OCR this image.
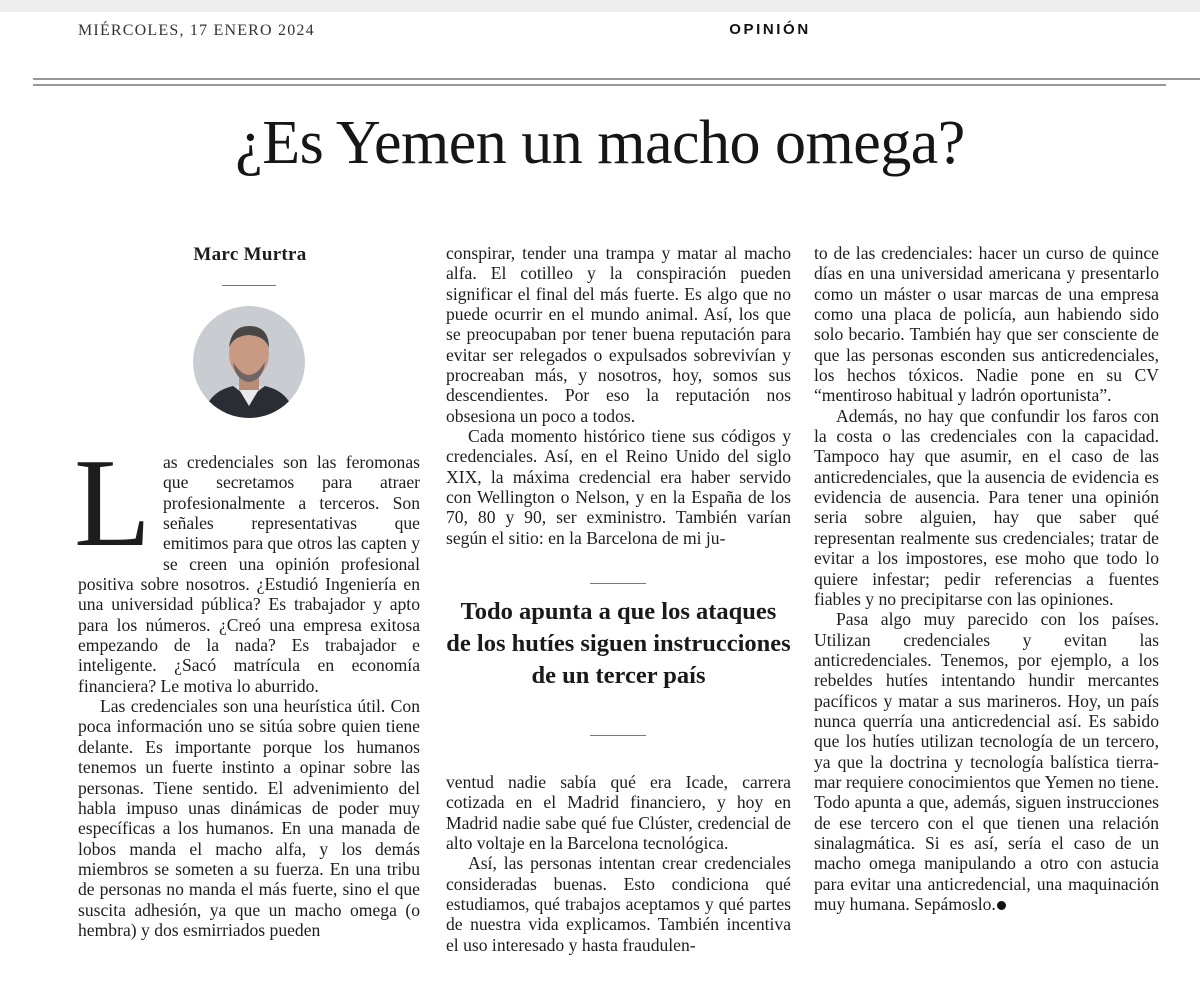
MIÉRCOLES, 17 ENERO 2024	OPINIÓN
¿Es Yemen un macho omega?
Marc Murtra

Las credenciales son las feromonas que secretamos para atraer profesionalmente a terceros. Son señales representativas que emitimos para que otros las capten y se creen una opinión profesional positiva sobre nosotros. ¿Estudió Ingeniería en una universidad pública? Es trabajador y apto para los números. ¿Creó una empresa exitosa empezando de la nada? Es trabajador e inteligente. ¿Sacó matrícula en economía financiera? Le motiva lo aburrido.

Las credenciales son una heurística útil. Con poca información uno se sitúa sobre quien tiene delante. Es importante porque los humanos tenemos un fuerte instinto a opinar sobre las personas. Tiene sentido. El advenimiento del habla impuso unas dinámicas de poder muy específicas a los humanos. En una manada de lobos manda el macho alfa, y los demás miembros se someten a su fuerza. En una tribu de personas no manda el más fuerte, sino el que suscita adhesión, ya que un macho omega (o hembra) y dos esmirriados pueden

conspirar, tender una trampa y matar al macho alfa. El cotilleo y la conspiración pueden significar el final del más fuerte. Es algo que no puede ocurrir en el mundo animal. Así, los que se preocupaban por tener buena reputación para evitar ser relegados o expulsados sobrevivían y procreaban más, y nosotros, hoy, somos sus descendientes. Por eso la reputación nos obsesiona un poco a todos.

Cada momento histórico tiene sus códigos y credenciales. Así, en el Reino Unido del siglo XIX, la máxima credencial era haber servido con Wellington o Nelson, y en la España de los 70, 80 y 90, ser exministro. También varían según el sitio: en la Barcelona de mi ju-

Todo apunta a que los ataques de los hutíes siguen instrucciones de un tercer país

ventud nadie sabía qué era Icade, carrera cotizada en el Madrid financiero, y hoy en Madrid nadie sabe qué fue Clúster, credencial de alto voltaje en la Barcelona tecnológica.

Así, las personas intentan crear credenciales consideradas buenas. Esto condiciona qué estudiamos, qué trabajos aceptamos y qué partes de nuestra vida explicamos. También incentiva el uso interesado y hasta fraudulen-

to de las credenciales: hacer un curso de quince días en una universidad americana y presentarlo como un máster o usar marcas de una empresa como una placa de policía, aun habiendo sido solo becario. También hay que ser consciente de que las personas esconden sus anticredenciales, los hechos tóxicos. Nadie pone en su CV “mentiroso habitual y ladrón oportunista”.

Además, no hay que confundir los faros con la costa o las credenciales con la capacidad. Tampoco hay que asumir, en el caso de las anticredenciales, que la ausencia de evidencia es evidencia de ausencia. Para tener una opinión seria sobre alguien, hay que saber qué representan realmente sus credenciales; tratar de evitar a los impostores, ese moho que todo lo quiere infestar; pedir referencias a fuentes fiables y no precipitarse con las opiniones.

Pasa algo muy parecido con los países. Utilizan credenciales y evitan las anticredenciales. Tenemos, por ejemplo, a los rebeldes hutíes intentando hundir mercantes pacíficos y matar a sus marineros. Hoy, un país nunca querría una anticredencial así. Es sabido que los hutíes utilizan tecnología de un tercero, ya que la doctrina y tecnología balística tierra-mar requiere conocimientos que Yemen no tiene. Todo apunta a que, además, siguen instrucciones de ese tercero con el que tienen una relación sinalagmática. Si es así, sería el caso de un macho omega manipulando a otro con astucia para evitar una anticredencial, una maquinación muy humana. Sepámoslo.
